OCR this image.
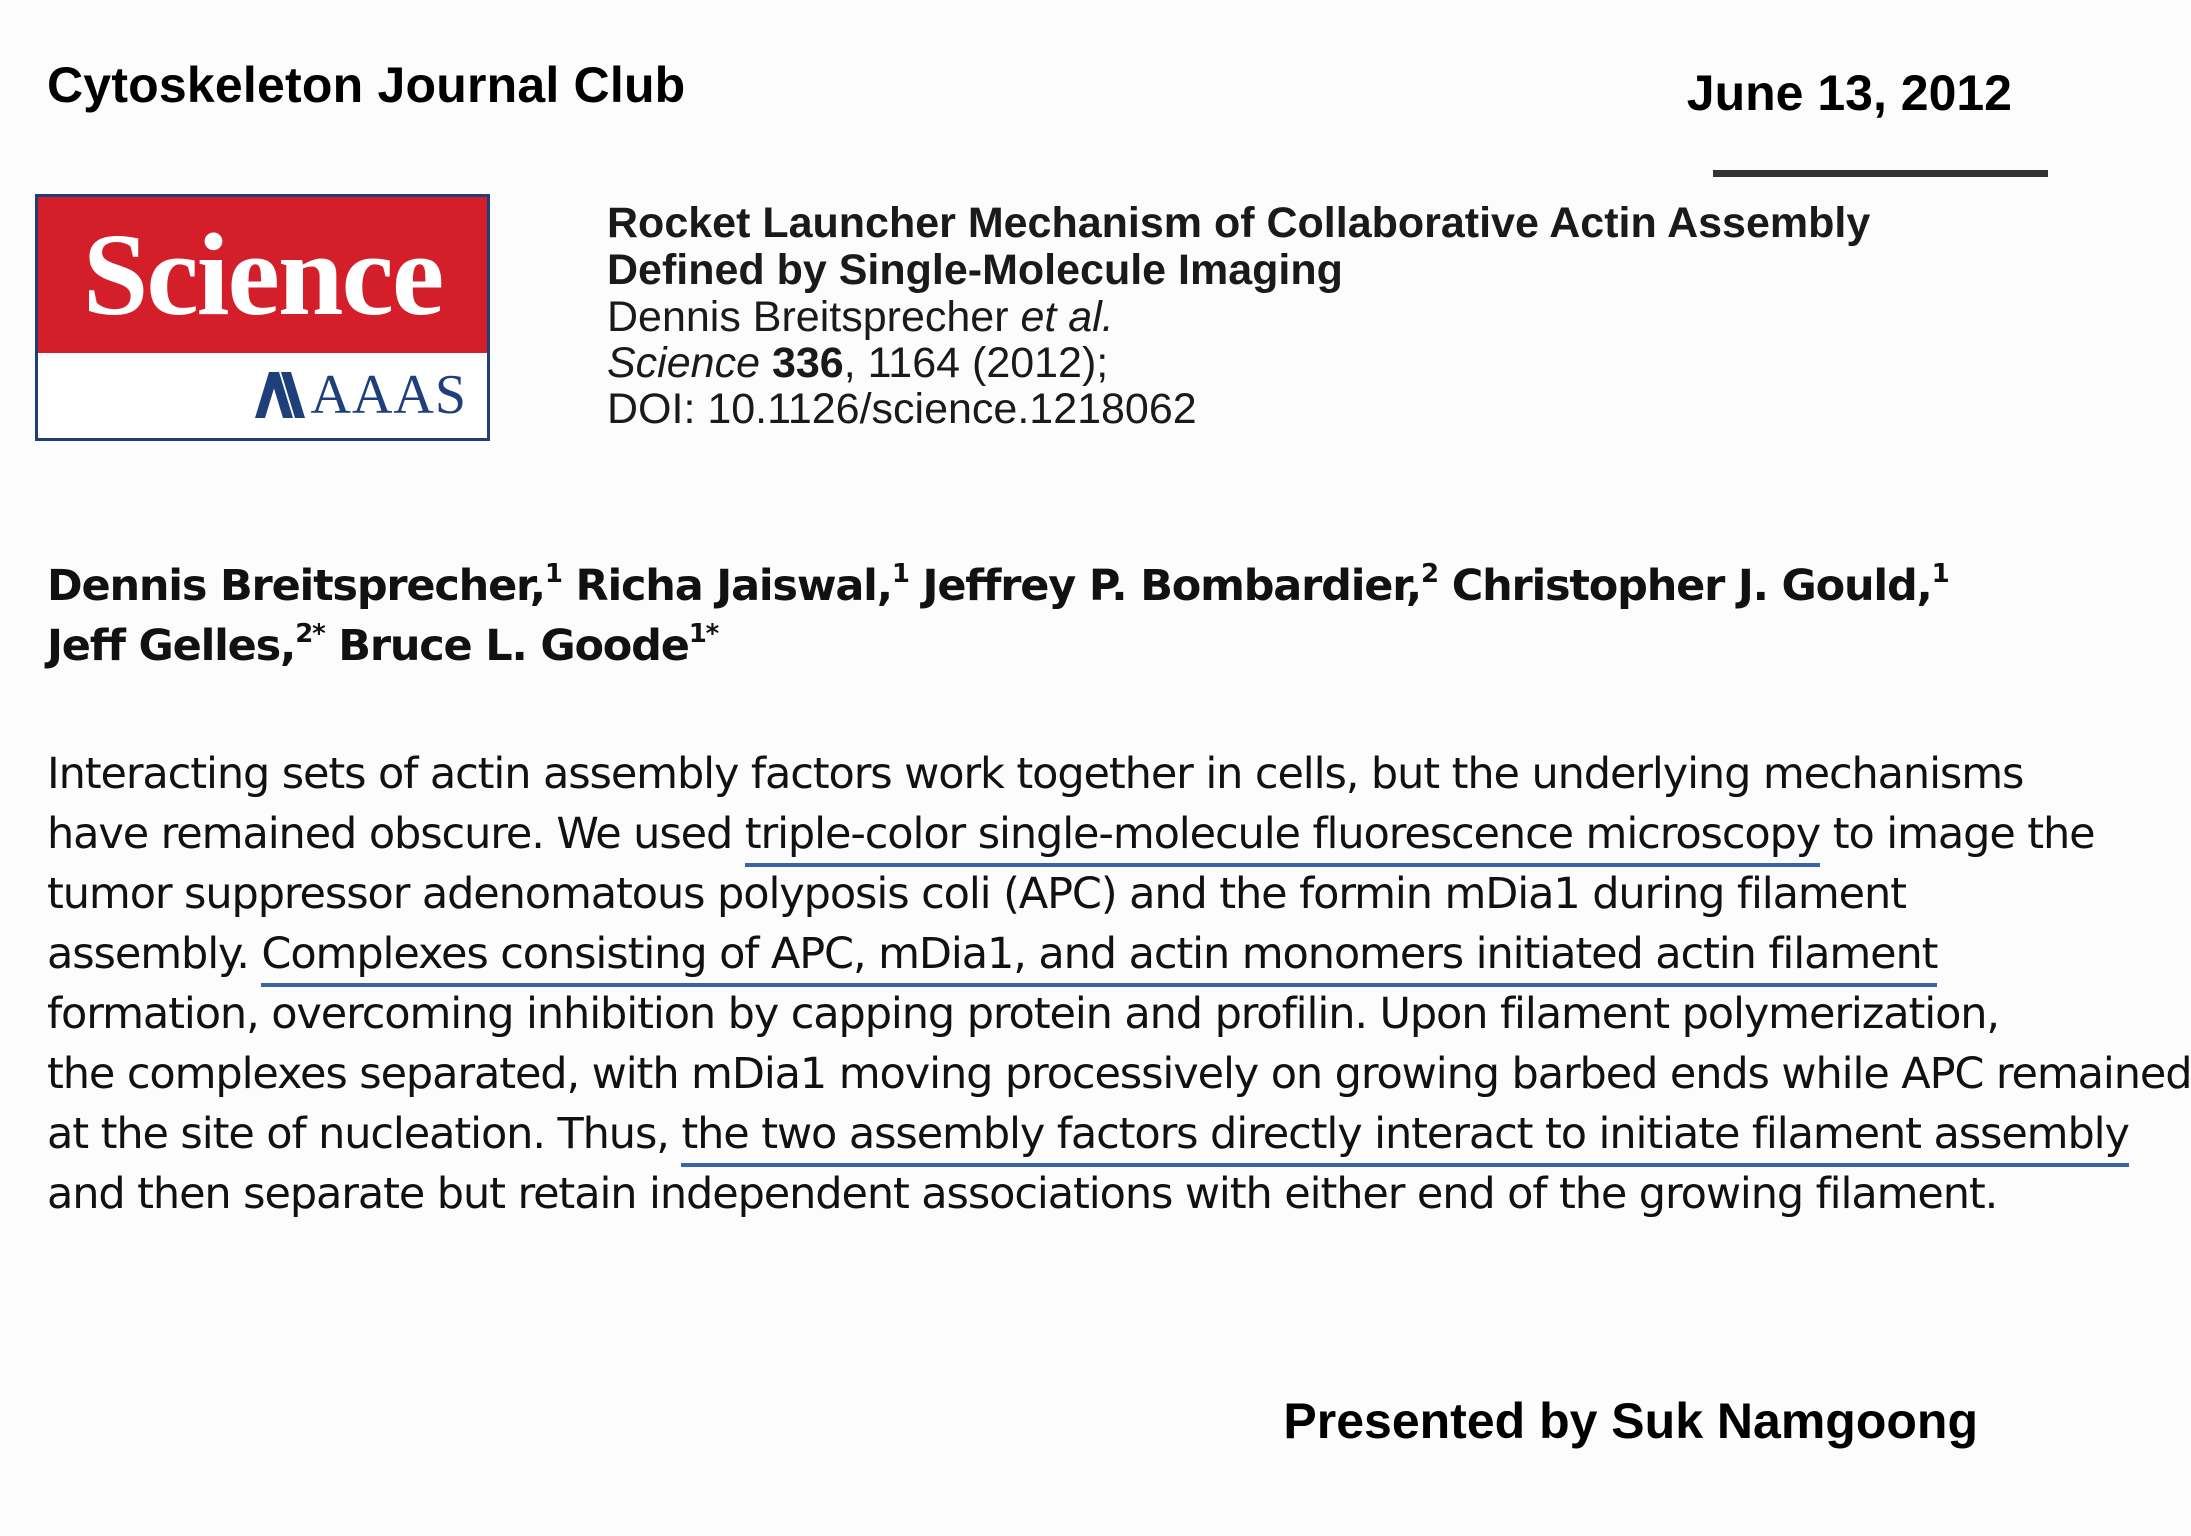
Cytoskeleton Journal Club	June 13, 2012
Science
AAAS
Rocket Launcher Mechanism of Collaborative Actin Assembly
Defined by Single-Molecule Imaging
Dennis Breitsprecher et al.
Science 336, 1164 (2012);
DOI: 10.1126/science.1218062
Dennis Breitsprecher,$^1$ Richa Jaiswal,$^1$ Jeffrey P. Bombardier,$^2$ Christopher J. Gould,$^1$
Jeff Gelles,$^{2*}$ Bruce L. Goode$^{1*}$
Interacting sets of actin assembly factors work together in cells, but the underlying mechanisms
have remained obscure. We used triple-color single-molecule fluorescence microscopy to image the
tumor suppressor adenomatous polyposis coli (APC) and the formin mDia1 during filament
assembly. Complexes consisting of APC, mDia1, and actin monomers initiated actin filament
formation, overcoming inhibition by capping protein and profilin. Upon filament polymerization,
the complexes separated, with mDia1 moving processively on growing barbed ends while APC remained
at the site of nucleation. Thus, the two assembly factors directly interact to initiate filament assembly
and then separate but retain independent associations with either end of the growing filament.
Presented by Suk Namgoong
